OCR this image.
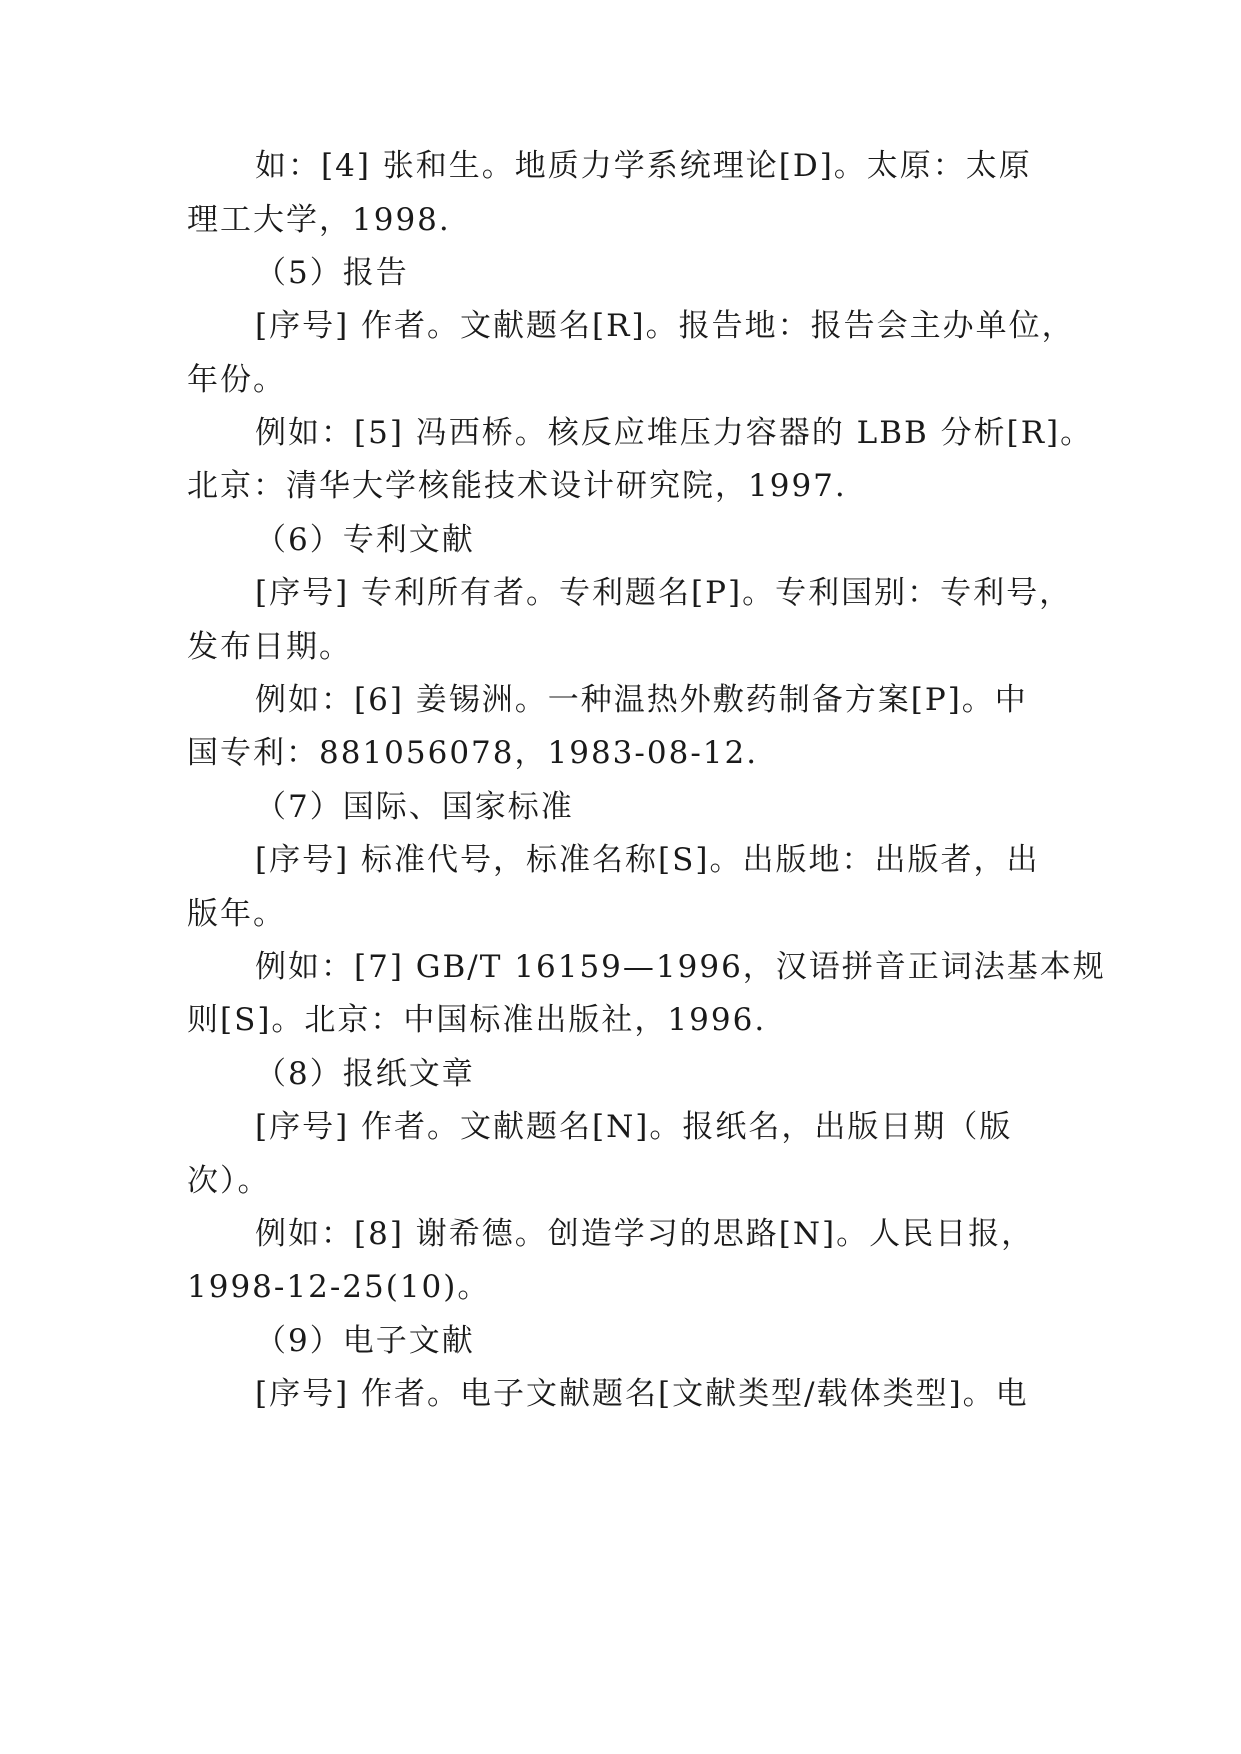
如：[4] 张和生。地质力学系统理论[D]。太原：太原
理工大学，1998.
（5）报告
[序号] 作者。文献题名[R]。报告地：报告会主办单位，
年份。
例如：[5] 冯西桥。核反应堆压力容器的 LBB 分析[R]。
北京：清华大学核能技术设计研究院，1997.
（6）专利文献
[序号] 专利所有者。专利题名[P]。专利国别：专利号，
发布日期。
例如：[6] 姜锡洲。一种温热外敷药制备方案[P]。中
国专利：881056078，1983-08-12.
（7）国际、国家标准
[序号] 标准代号，标准名称[S]。出版地：出版者，出
版年。
例如：[7] GB/T 16159—1996，汉语拼音正词法基本规
则[S]。北京：中国标准出版社，1996.
（8）报纸文章
[序号] 作者。文献题名[N]。报纸名，出版日期（版
次）。
例如：[8] 谢希德。创造学习的思路[N]。人民日报，
1998-12-25(10)。
（9）电子文献
[序号] 作者。电子文献题名[文献类型/载体类型]。电
